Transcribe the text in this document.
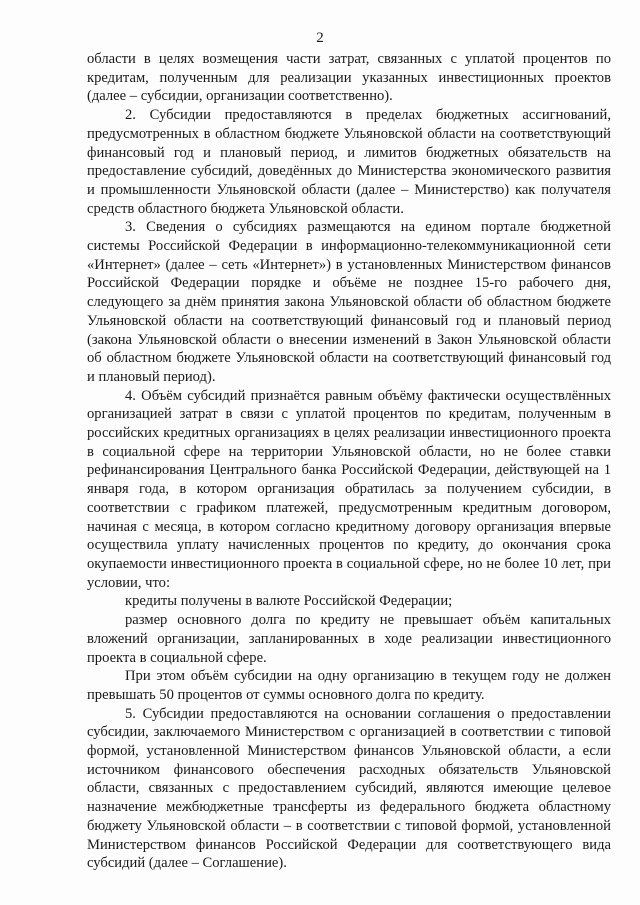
2

области в целях возмещения части затрат, связанных с уплатой процентов по кредитам, полученным для реализации указанных инвестиционных проектов (далее – субсидии, организации соответственно).

2. Субсидии предоставляются в пределах бюджетных ассигнований, предусмотренных в областном бюджете Ульяновской области на соответствующий финансовый год и плановый период, и лимитов бюджетных обязательств на предоставление субсидий, доведённых до Министерства экономического развития и промышленности Ульяновской области (далее – Министерство) как получателя средств областного бюджета Ульяновской области.

3. Сведения о субсидиях размещаются на едином портале бюджетной системы Российской Федерации в информационно-телекоммуникационной сети «Интернет» (далее – сеть «Интернет») в установленных Министерством финансов Российской Федерации порядке и объёме не позднее 15-го рабочего дня, следующего за днём принятия закона Ульяновской области об областном бюджете Ульяновской области на соответствующий финансовый год и плановый период (закона Ульяновской области о внесении изменений в Закон Ульяновской области об областном бюджете Ульяновской области на соответствующий финансовый год и плановый период).

4. Объём субсидий признаётся равным объёму фактически осуществлённых организацией затрат в связи с уплатой процентов по кредитам, полученным в российских кредитных организациях в целях реализации инвестиционного проекта в социальной сфере на территории Ульяновской области, но не более ставки рефинансирования Центрального банка Российской Федерации, действующей на 1 января года, в котором организация обратилась за получением субсидии, в соответствии с графиком платежей, предусмотренным кредитным договором, начиная с месяца, в котором согласно кредитному договору организация впервые осуществила уплату начисленных процентов по кредиту, до окончания срока окупаемости инвестиционного проекта в социальной сфере, но не более 10 лет, при условии, что:

кредиты получены в валюте Российской Федерации;

размер основного долга по кредиту не превышает объём капитальных вложений организации, запланированных в ходе реализации инвестиционного проекта в социальной сфере.

При этом объём субсидии на одну организацию в текущем году не должен превышать 50 процентов от суммы основного долга по кредиту.

5. Субсидии предоставляются на основании соглашения о предоставлении субсидии, заключаемого Министерством с организацией в соответствии с типовой формой, установленной Министерством финансов Ульяновской области, а если источником финансового обеспечения расходных обязательств Ульяновской области, связанных с предоставлением субсидий, являются имеющие целевое назначение межбюджетные трансферты из федерального бюджета областному бюджету Ульяновской области – в соответствии с типовой формой, установленной Министерством финансов Российской Федерации для соответствующего вида субсидий (далее – Соглашение).
